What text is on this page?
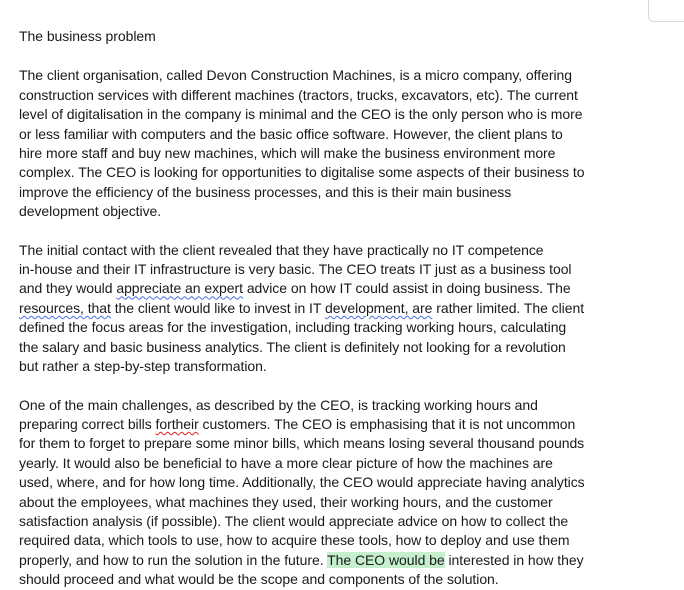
The business problem
The client organisation, called Devon Construction Machines, is a micro company, offering
construction services with different machines (tractors, trucks, excavators, etc). The current
level of digitalisation in the company is minimal and the CEO is the only person who is more
or less familiar with computers and the basic office software. However, the client plans to
hire more staff and buy new machines, which will make the business environment more
complex. The CEO is looking for opportunities to digitalise some aspects of their business to
improve the efficiency of the business processes, and this is their main business
development objective.
The initial contact with the client revealed that they have practically no IT competence
in-house and their IT infrastructure is very basic. The CEO treats IT just as a business tool
and they would appreciate an expert advice on how IT could assist in doing business. The
resources, that the client would like to invest in IT development, are rather limited. The client
defined the focus areas for the investigation, including tracking working hours, calculating
the salary and basic business analytics. The client is definitely not looking for a revolution
but rather a step-by-step transformation.
One of the main challenges, as described by the CEO, is tracking working hours and
preparing correct bills fortheir customers. The CEO is emphasising that it is not uncommon
for them to forget to prepare some minor bills, which means losing several thousand pounds
yearly. It would also be beneficial to have a more clear picture of how the machines are
used, where, and for how long time. Additionally, the CEO would appreciate having analytics
about the employees, what machines they used, their working hours, and the customer
satisfaction analysis (if possible). The client would appreciate advice on how to collect the
required data, which tools to use, how to acquire these tools, how to deploy and use them
properly, and how to run the solution in the future. The CEO would be interested in how they
should proceed and what would be the scope and components of the solution.
